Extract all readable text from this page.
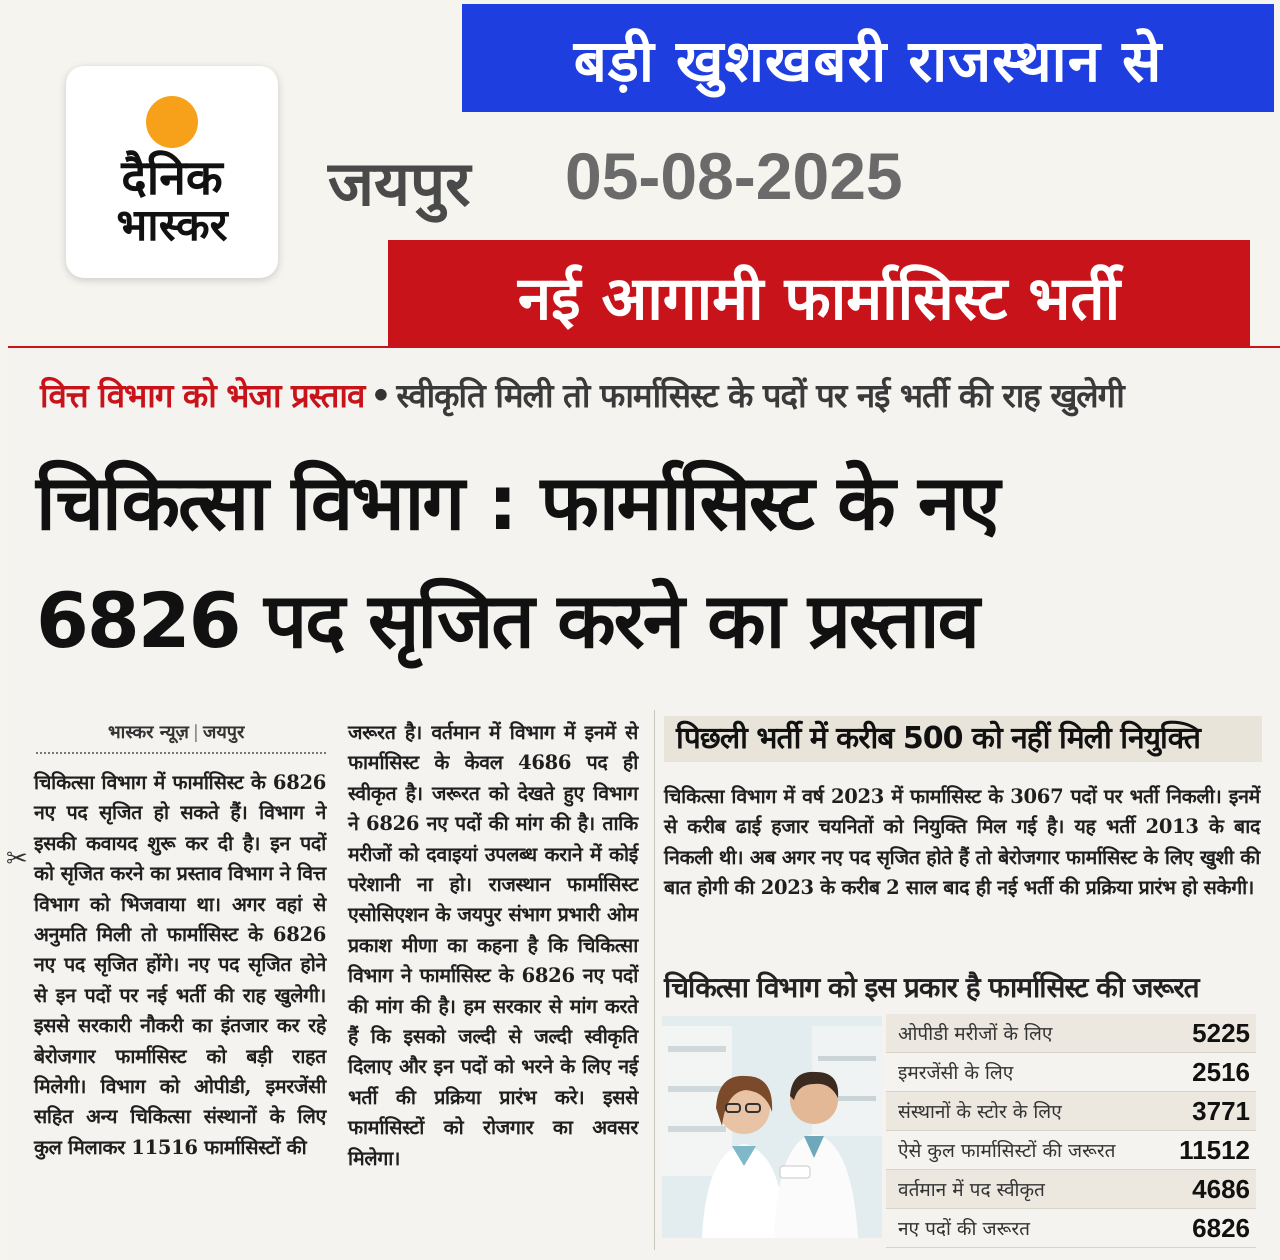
दैनिक
भास्कर
बड़ी खुशखबरी राजस्थान से
जयपुर 05-08-2025
नई आगामी फार्मासिस्ट भर्ती
वित्त विभाग को भेजा प्रस्ताव • स्वीकृति मिली तो फार्मासिस्ट के पदों पर नई भर्ती की राह खुलेगी
चिकित्सा विभाग : फार्मासिस्ट के नए
6826 पद सृजित करने का प्रस्ताव
भास्कर न्यूज़ | जयपुर
✂
चिकित्सा विभाग में फार्मासिस्ट के 6826 नए पद सृजित हो सकते हैं। विभाग ने इसकी कवायद शुरू कर दी है। इन पदों को सृजित करने का प्रस्ताव विभाग ने वित्त विभाग को भिजवाया था। अगर वहां से अनुमति मिली तो फार्मासिस्ट के 6826 नए पद सृजित होंगे। नए पद सृजित होने से इन पदों पर नई भर्ती की राह खुलेगी। इससे सरकारी नौकरी का इंतजार कर रहे बेरोजगार फार्मासिस्ट को बड़ी राहत मिलेगी। विभाग को ओपीडी, इमरजेंसी सहित अन्य चिकित्सा संस्थानों के लिए कुल मिलाकर 11516 फार्मासिस्टों की
जरूरत है। वर्तमान में विभाग में इनमें से फार्मासिस्ट के केवल 4686 पद ही स्वीकृत है। जरूरत को देखते हुए विभाग ने 6826 नए पदों की मांग की है। ताकि मरीजों को दवाइयां उपलब्ध कराने में कोई परेशानी ना हो। राजस्थान फार्मासिस्ट एसोसिएशन के जयपुर संभाग प्रभारी ओम प्रकाश मीणा का कहना है कि चिकित्सा विभाग ने फार्मासिस्ट के 6826 नए पदों की मांग की है। हम सरकार से मांग करते हैं कि इसको जल्दी से जल्दी स्वीकृति दिलाए और इन पदों को भरने के लिए नई भर्ती की प्रक्रिया प्रारंभ करे। इससे फार्मासिस्टों को रोजगार का अवसर मिलेगा।
पिछली भर्ती में करीब 500 को नहीं मिली नियुक्ति
चिकित्सा विभाग में वर्ष 2023 में फार्मासिस्ट के 3067 पदों पर भर्ती निकली। इनमें से करीब ढाई हजार चयनितों को नियुक्ति मिल गई है। यह भर्ती 2013 के बाद निकली थी। अब अगर नए पद सृजित होते हैं तो बेरोजगार फार्मासिस्ट के लिए खुशी की बात होगी की 2023 के करीब 2 साल बाद ही नई भर्ती की प्रक्रिया प्रारंभ हो सकेगी।
चिकित्सा विभाग को इस प्रकार है फार्मासिस्ट की जरूरत
ओपीडी मरीजों के लिए	5225
इमरजेंसी के लिए	2516
संस्थानों के स्टोर के लिए	3771
ऐसे कुल फार्मासिस्टों की जरूरत 11512
वर्तमान में पद स्वीकृत	4686
नए पदों की जरूरत	6826
